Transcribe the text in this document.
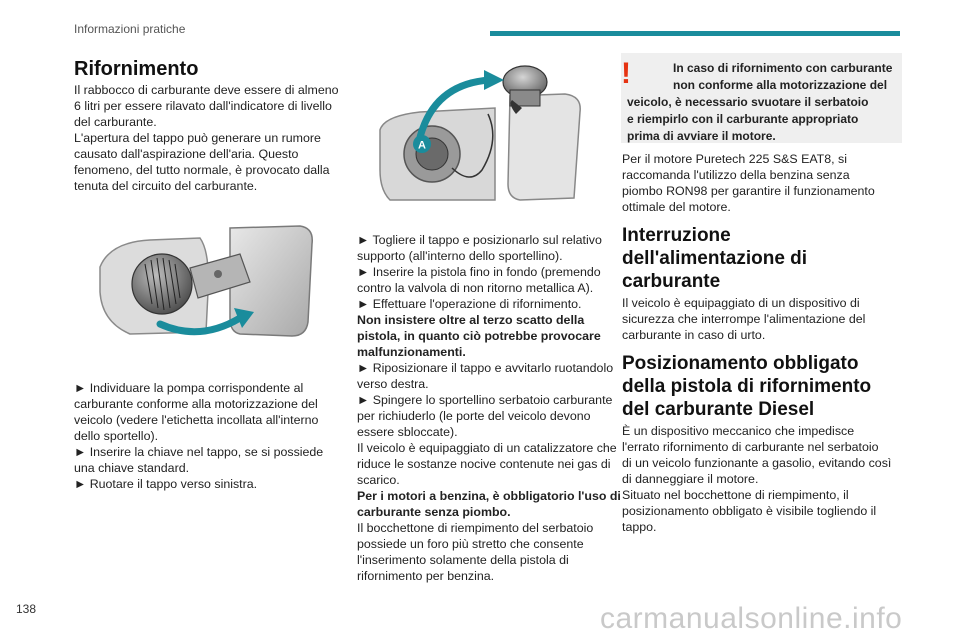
Informazioni pratiche
Rifornimento
Il rabbocco di carburante deve essere di almeno
6 litri per essere rilavato dall'indicatore di livello
del carburante.
L'apertura del tappo può generare un rumore
causato dall'aspirazione dell'aria. Questo
fenomeno, del tutto normale, è provocato dalla
tenuta del circuito del carburante.
► Individuare la pompa corrispondente al
carburante conforme alla motorizzazione del
veicolo (vedere l'etichetta incollata all'interno
dello sportello).
► Inserire la chiave nel tappo, se si possiede
una chiave standard.
► Ruotare il tappo verso sinistra.
A
► Togliere il tappo e posizionarlo sul relativo
supporto (all'interno dello sportellino).
► Inserire la pistola fino in fondo (premendo
contro la valvola di non ritorno metallica A).
► Effettuare l'operazione di rifornimento.
Non insistere oltre al terzo scatto della
pistola, in quanto ciò potrebbe provocare
malfunzionamenti.
► Riposizionare il tappo e avvitarlo ruotandolo
verso destra.
► Spingere lo sportellino serbatoio carburante
per richiuderlo (le porte del veicolo devono
essere sbloccate).
Il veicolo è equipaggiato di un catalizzatore che
riduce le sostanze nocive contenute nei gas di
scarico.
Per i motori a benzina, è obbligatorio l'uso di
carburante senza piombo.
Il bocchettone di riempimento del serbatoio
possiede un foro più stretto che consente
l'inserimento solamente della pistola di
rifornimento per benzina.
!	In caso di rifornimento con carburante
non conforme alla motorizzazione del
veicolo, è necessario svuotare il serbatoio
e riempirlo con il carburante appropriato
prima di avviare il motore.
Per il motore Puretech 225 S&S EAT8, si
raccomanda l'utilizzo della benzina senza
piombo RON98 per garantire il funzionamento
ottimale del motore.
Interruzione
dell'alimentazione di
carburante
Il veicolo è equipaggiato di un dispositivo di
sicurezza che interrompe l'alimentazione del
carburante in caso di urto.
Posizionamento obbligato
della pistola di rifornimento
del carburante Diesel
È un dispositivo meccanico che impedisce
l'errato rifornimento di carburante nel serbatoio
di un veicolo funzionante a gasolio, evitando così
di danneggiare il motore.
Situato nel bocchettone di riempimento, il
posizionamento obbligato è visibile togliendo il
tappo.
138	carmanualsonline.info
